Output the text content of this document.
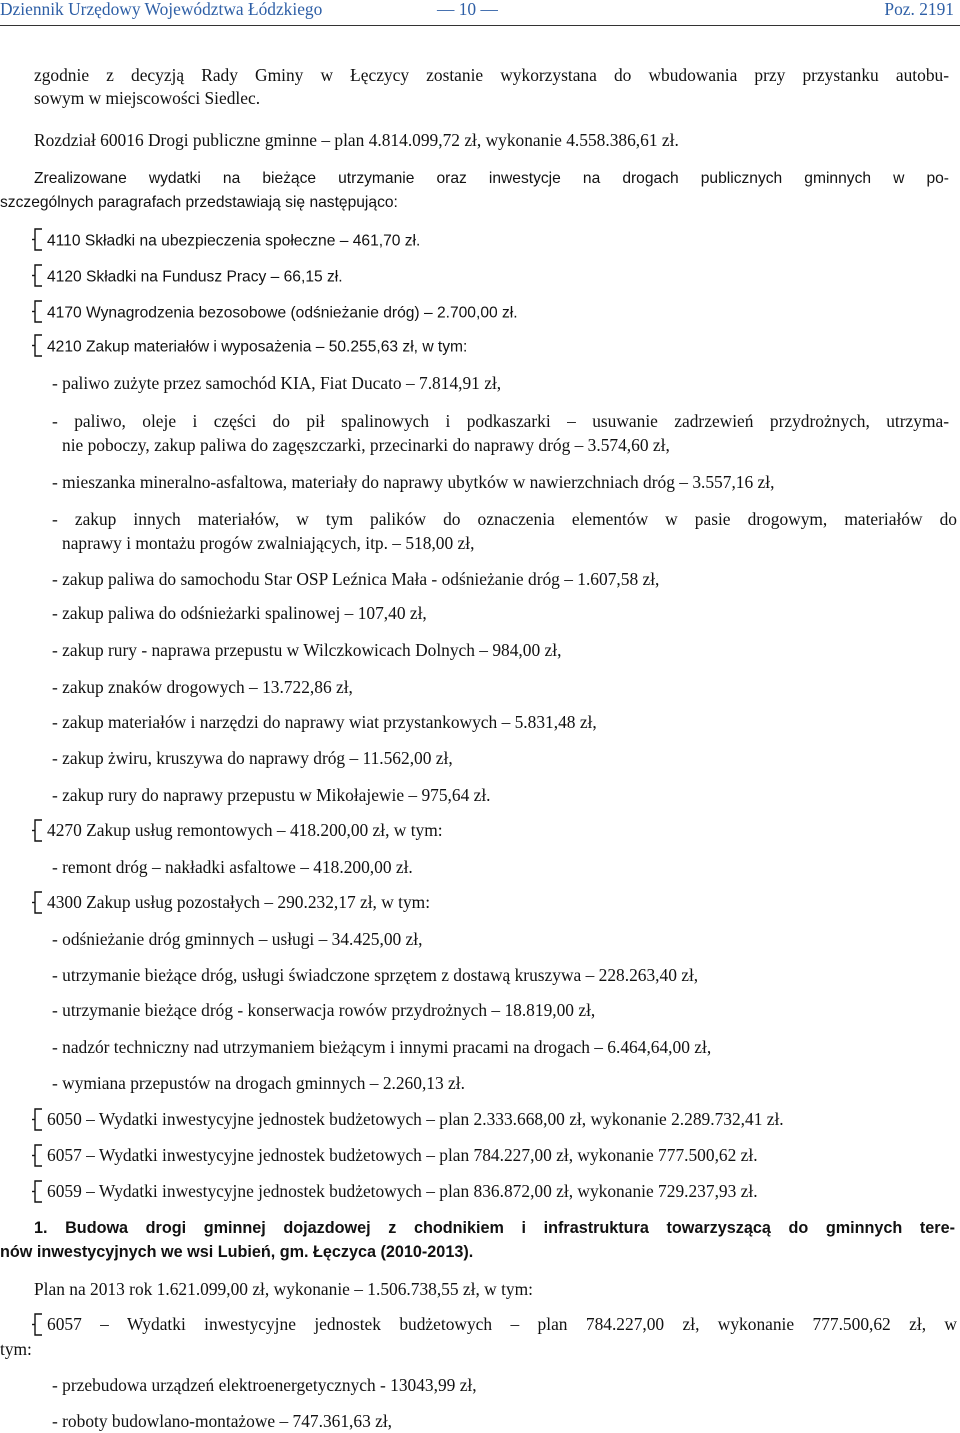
Dziennik Urzędowy Województwa Łódzkiego	— 10 —	Poz. 2191
zgodnie z decyzją Rady Gminy w Łęczycy zostanie wykorzystana do wbudowania przy przystanku autobu-
sowym w miejscowości Siedlec.
Rozdział 60016 Drogi publiczne gminne – plan 4.814.099,72 zł, wykonanie 4.558.386,61 zł.
Zrealizowane wydatki na bieżące utrzymanie oraz inwestycje na drogach publicznych gminnych w po-
szczególnych paragrafach przedstawiają się następująco:
4110 Składki na ubezpieczenia społeczne – 461,70 zł.
4120 Składki na Fundusz Pracy – 66,15 zł.
4170 Wynagrodzenia bezosobowe (odśnieżanie dróg) – 2.700,00 zł.
4210 Zakup materiałów i wyposażenia – 50.255,63 zł, w tym:
- paliwo zużyte przez samochód KIA, Fiat Ducato – 7.814,91 zł,
- paliwo, oleje i części do pił spalinowych i podkaszarki – usuwanie zadrzewień przydrożnych, utrzyma-
nie poboczy, zakup paliwa do zagęszczarki, przecinarki do naprawy dróg – 3.574,60 zł,
- mieszanka mineralno-asfaltowa, materiały do naprawy ubytków w nawierzchniach dróg – 3.557,16 zł,
- zakup innych materiałów, w tym palików do oznaczenia elementów w pasie drogowym, materiałów do
naprawy i montażu progów zwalniających, itp. – 518,00 zł,
- zakup paliwa do samochodu Star OSP Leźnica Mała - odśnieżanie dróg – 1.607,58 zł,
- zakup paliwa do odśnieżarki spalinowej – 107,40 zł,
- zakup rury - naprawa przepustu w Wilczkowicach Dolnych – 984,00 zł,
- zakup znaków drogowych – 13.722,86 zł,
- zakup materiałów i narzędzi do naprawy wiat przystankowych – 5.831,48 zł,
- zakup żwiru, kruszywa do naprawy dróg – 11.562,00 zł,
- zakup rury do naprawy przepustu w Mikołajewie – 975,64 zł.
4270 Zakup usług remontowych – 418.200,00 zł, w tym:
- remont dróg – nakładki asfaltowe – 418.200,00 zł.
4300 Zakup usług pozostałych – 290.232,17 zł, w tym:
- odśnieżanie dróg gminnych – usługi – 34.425,00 zł,
- utrzymanie bieżące dróg, usługi świadczone sprzętem z dostawą kruszywa – 228.263,40 zł,
- utrzymanie bieżące dróg - konserwacja rowów przydrożnych – 18.819,00 zł,
- nadzór techniczny nad utrzymaniem bieżącym i innymi pracami na drogach – 6.464,64,00 zł,
- wymiana przepustów na drogach gminnych – 2.260,13 zł.
6050 – Wydatki inwestycyjne jednostek budżetowych – plan 2.333.668,00 zł, wykonanie 2.289.732,41 zł.
6057 – Wydatki inwestycyjne jednostek budżetowych – plan 784.227,00 zł, wykonanie 777.500,62 zł.
6059 – Wydatki inwestycyjne jednostek budżetowych – plan 836.872,00 zł, wykonanie 729.237,93 zł.
1. Budowa drogi gminnej dojazdowej z chodnikiem i infrastruktura towarzyszącą do gminnych tere-
nów inwestycyjnych we wsi Lubień, gm. Łęczyca (2010-2013).
Plan na 2013 rok 1.621.099,00 zł, wykonanie – 1.506.738,55 zł, w tym:
6057 – Wydatki inwestycyjne jednostek budżetowych – plan 784.227,00 zł, wykonanie 777.500,62 zł, w
tym:
- przebudowa urządzeń elektroenergetycznych - 13043,99 zł,
- roboty budowlano-montażowe – 747.361,63 zł,
